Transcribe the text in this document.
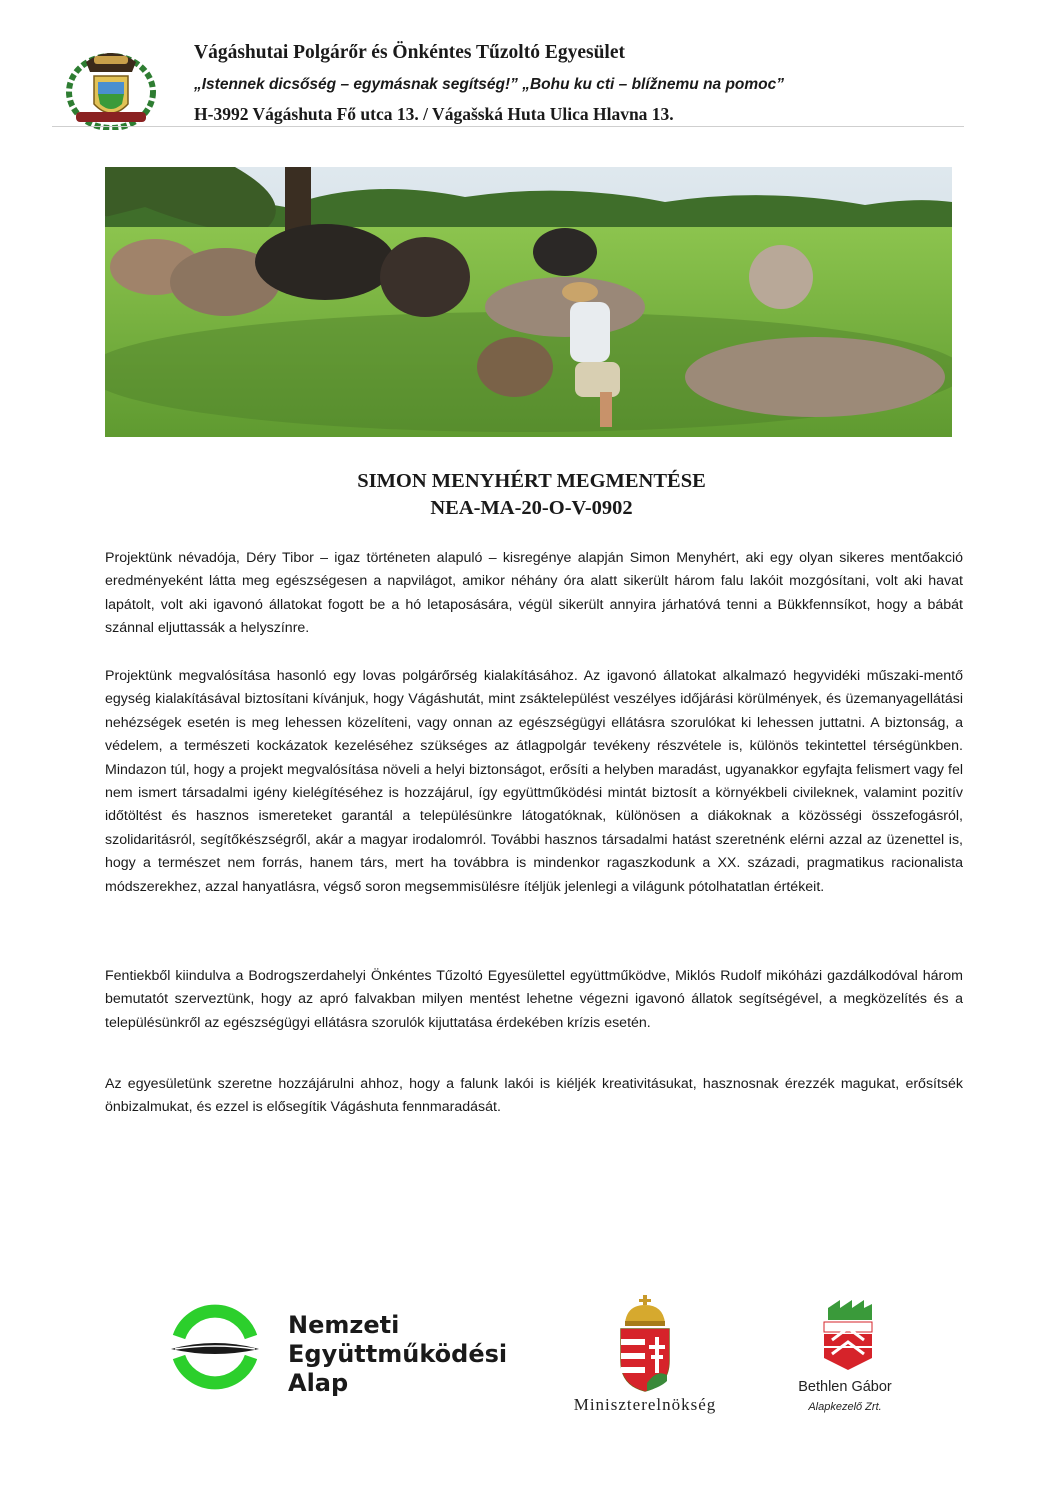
Vágáshutai Polgárőr és Önkéntes Tűzoltó Egyesület
„Istennek dicsőség – egymásnak segítség!” „Bohu ku cti – blížnemu na pomoc”
H-3992 Vágáshuta Fő utca 13. / Vágašská Huta Ulica Hlavna 13.
SIMON MENYHÉRT MEGMENTÉSE
NEA-MA-20-O-V-0902

Projektünk névadója, Déry Tibor – igaz történeten alapuló – kisregénye alapján Simon Menyhért, aki egy olyan sikeres mentőakció eredményeként látta meg egészségesen a napvilágot, amikor néhány óra alatt sikerült három falu lakóit mozgósítani, volt aki havat lapátolt, volt aki igavonó állatokat fogott be a hó letaposására, végül sikerült annyira járhatóvá tenni a Bükkfennsíkot, hogy a bábát szánnal eljuttassák a helyszínre.

Projektünk megvalósítása hasonló egy lovas polgárőrség kialakításához. Az igavonó állatokat alkalmazó hegyvidéki műszaki-mentő egység kialakításával biztosítani kívánjuk, hogy Vágáshutát, mint zsáktelepülést veszélyes időjárási körülmények, és üzemanyagellátási nehézségek esetén is meg lehessen közelíteni, vagy onnan az egészségügyi ellátásra szorulókat ki lehessen juttatni. A biztonság, a védelem, a természeti kockázatok kezeléséhez szükséges az átlagpolgár tevékeny részvétele is, különös tekintettel térségünkben. Mindazon túl, hogy a projekt megvalósítása növeli a helyi biztonságot, erősíti a helyben maradást, ugyanakkor egyfajta felismert vagy fel nem ismert társadalmi igény kielégítéséhez is hozzájárul, így együttműködési mintát biztosít a környékbeli civileknek, valamint pozitív időtöltést és hasznos ismereteket garantál a településünkre látogatóknak, különösen a diákoknak a közösségi összefogásról, szolidaritásról, segítőkészségről, akár a magyar irodalomról. További hasznos társadalmi hatást szeretnénk elérni azzal az üzenettel is, hogy a természet nem forrás, hanem társ, mert ha továbbra is mindenkor ragaszkodunk a XX. századi, pragmatikus racionalista módszerekhez, azzal hanyatlásra, végső soron megsemmisülésre ítéljük jelenlegi a világunk pótolhatatlan értékeit.

Fentiekből kiindulva a Bodrogszerdahelyi Önkéntes Tűzoltó Egyesülettel együttműködve, Miklós Rudolf mikóházi gazdálkodóval három bemutatót szerveztünk, hogy az apró falvakban milyen mentést lehetne végezni igavonó állatok segítségével, a megközelítés és a településünkről az egészségügyi ellátásra szorulók kijuttatása érdekében krízis esetén.

Az egyesületünk szeretne hozzájárulni ahhoz, hogy a falunk lakói is kiéljék kreativitásukat, hasznosnak érezzék magukat, erősítsék önbizalmukat, és ezzel is elősegítik Vágáshuta fennmaradását.

Nemzeti
Együttműködési
Alap
Miniszterelnökség
Bethlen Gábor
Alapkezelő Zrt.
